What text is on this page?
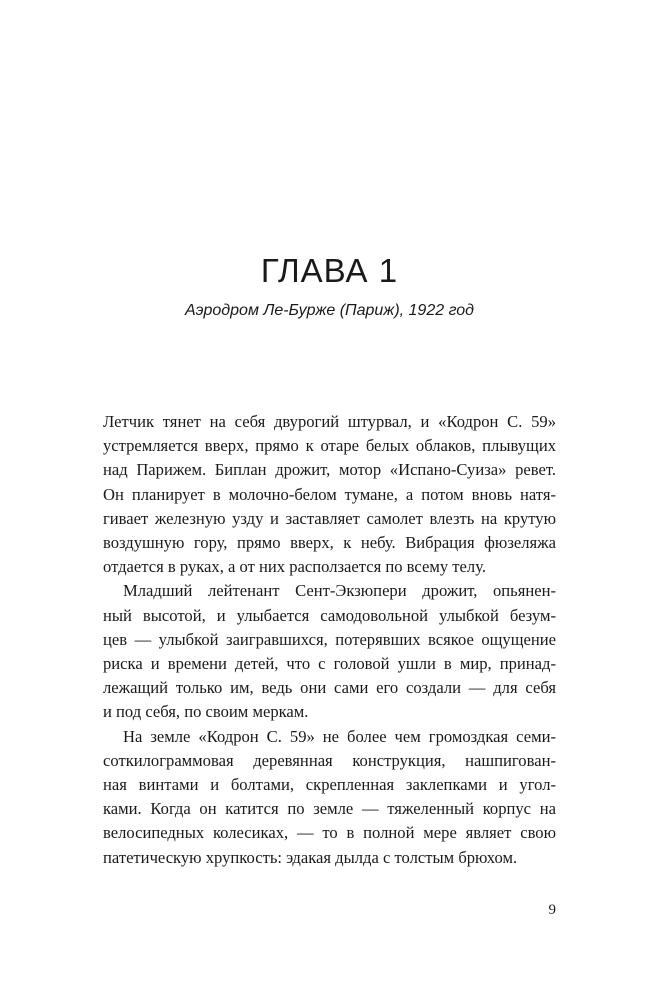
ГЛАВА 1
Аэродром Ле-Бурже (Париж), 1922 год

Летчик тянет на себя двурогий штурвал, и «Кодрон С. 59»
устремляется вверх, прямо к отаре белых облаков, плывущих
над Парижем. Биплан дрожит, мотор «Испано-Суиза» ревет.
Он планирует в молочно-белом тумане, а потом вновь натя-
гивает железную узду и заставляет самолет влезть на крутую
воздушную гору, прямо вверх, к небу. Вибрация фюзеляжа
отдается в руках, а от них расползается по всему телу.

Младший лейтенант Сент-Экзюпери дрожит, опьянен-
ный высотой, и улыбается самодовольной улыбкой безум-
цев — улыбкой заигравшихся, потерявших всякое ощущение
риска и времени детей, что с головой ушли в мир, принад-
лежащий только им, ведь они сами его создали — для себя
и под себя, по своим меркам.

На земле «Кодрон С. 59» не более чем громоздкая семи-
соткилограммовая деревянная конструкция, нашпигован-
ная винтами и болтами, скрепленная заклепками и угол-
ками. Когда он катится по земле — тяжеленный корпус на
велосипедных колесиках, — то в полной мере являет свою
патетическую хрупкость: эдакая дылда с толстым брюхом.

9
